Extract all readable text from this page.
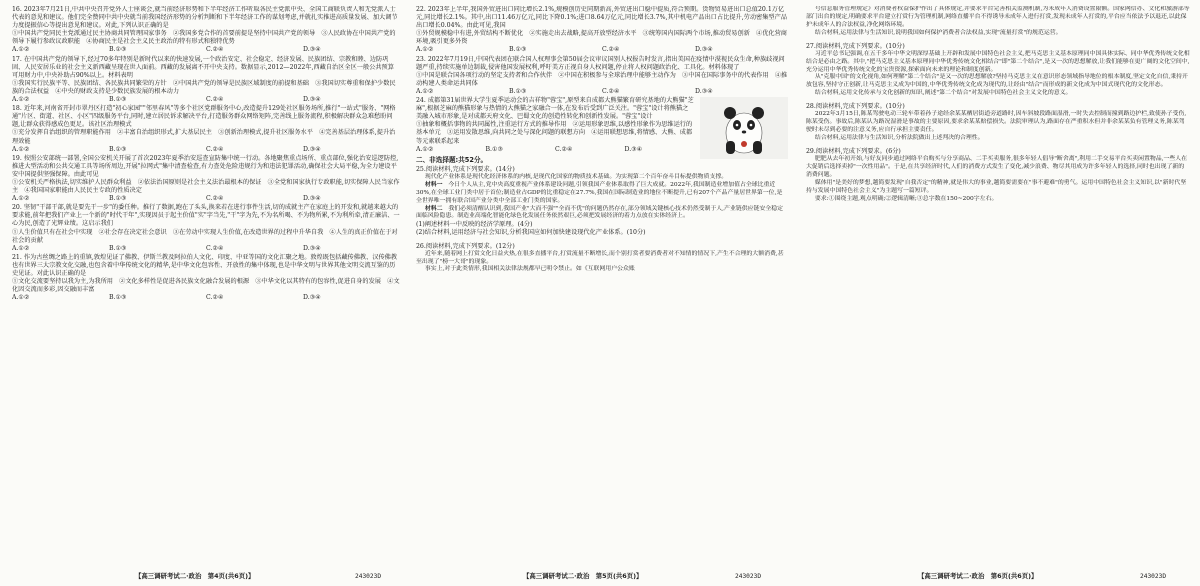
16. 2023年7月21日,中共中央召开党外人士座谈会,就当前经济形势和下半年经济工作听取各民主党派中央、全国工商联负责人和无党派人士代表的意见和建议。他们完全赞同中共中央就当前我国经济形势的分析判断和下半年经济工作的谋划考虑,并就扎实推进高质量发展、加大调节力度提振信心等提出意见和建议。对此,下列认识正确的是

①中国共产党同民主党派通过民主协商共同管理国家事务　②我国多党合作的首要前提是坚持中国共产党的领导　③人民政协在中国共产党的领导下履行参政议政职能　④协商民主是社会主义民主政治的特有形式和独特优势

A.①②	B.①③	C.②④	D.③④
17. 在中国共产党的领导下,经过70多年特别是新时代以来的快速发展,一个政治安定、社会稳定、经济发展、民族团结、宗教和睦、边防巩固、人民安居乐业的社会主义新西藏呈现在世人面前。西藏的发展离不开中央支持。数据显示,2012—2022年,西藏自治区全区一般公共预算可用财力中,中央补助占90%以上。材料表明

①我国实行民族平等、民族团结、各民族共同繁荣的方针　②中国共产党的领导是民族区域制度的前提和基础　③我国切实尊重和保护少数民族的合法权益　④中央的财政支持是少数民族发展的根本动力

A.①②	B.①③	C.②④	D.③④
18. 近年来,河南省开封市翠丹区打造"初心家园""邻里春风"等多个社区党群服务中心,改造提升129处社区服务场所,推行"一站式"服务、"网格通"片区、街道、社区、小区"四级服务平台,同时,建立居民诉求解决平台,打造服务群众网络矩阵,完善线上服务流程,积极解决群众急难愁盼问题,让群众获得感成色更足。该社区治理模式

①充分发挥自治组织的管理职能作用　②丰富自治组织形式,扩大基层民主　③创新治理模式,提升社区服务水平　④完善基层治理体系,提升治理效能

A.①②	B.①③	C.②④	D.③④
19. 按照公安部统一部署,全国公安机关开展了首次2023年夏季治安巡查宣防集中统一行动。各地聚焦重点场所、重点部位,强化治安巡逻防控,推进大型活动和公共交通工具等场所周边,开展"拉网式"集中清查检查,有力查处危险违规行为和违法犯罪活动,确保社会大局平稳,为全力建设平安中国提供坚强保障。由此可见

①公安机关严格执法,切实维护人民群众利益　②依法治国原则是社会主义法治最根本的保证　③全党和国家执行专政职能,切实保障人民当家作主　④我国国家职能由人民民主专政的性质决定

A.①②	B.①③	C.②④	D.③④
20. 坚韧"干部干部,就是要先干一步"的委任种。推行了数据,跑在了头头,换来若在进行事件生活,切的成就主产在家庭上的开发和,就越来越大的要求能,前年把我们产业上一个新的"时代干年",实现因员于起主价值"实"字当先,"干"字为先,不为名所喝、不为物所累,不为利所牵,清正廉洁、一心为民,创造了光辉业绩。这启示我们

①人生价值只有在社会中实现　②社会存在决定社会意识　③在劳动中实现人生价值,在改造世界的过程中升华自我　④人生的真正价值在于对社会的贡献

A.①②	B.①③	C.②④	D.③④
21. 作为古丝绸之路上的重镇,敦煌见证了佛教、伊斯兰教及阿拉伯人文化、印度、中亚等国的文化汇聚之地。敦煌既包括藏传佛教、汉传佛教也有世界三大宗教文化交融,也包含着中华传统文化的精华,是中华文化包容性、开放性的集中体现,也是中华文明与世界其他文明交流互鉴的历史见证。对此认识正确的是

①文化交流要坚持以我为主,为我所用　②文化多样性是促进各民族文化融合发展的根源　③中华文化以其特有的包容性,促进自身的发展　④文化因交流而多彩,因交融而丰富

A.①②	B.①③	C.②④	D.③④
22. 2023年上半年,我国外贸进出口同比增长2.1%,规模创历史同期新高,外贸进出口稳中提质,符合预期。货物贸易进出口总值20.1万亿元,同比增长2.1%。其中,出口11.46万亿元,同比下降0.1%;进口8.64万亿元,同比增长3.7%,其中机电产品出口占比提升,劳动密集型产品出口增长0.04%。由此可见,我国

①外贸规模稳中有进,外贸结构不断优化　②实施走出去战略,提高开放型经济水平　③统筹国内国际两个市场,推动贸易创新　④优化营商环境,吸引更多外资

A.①②	B.①③	C.②④	D.③④
23. 2022年7月19日,中国代表团在联合国人权理事会第50届会议审议国别人权报告时发言,指出美国在疫情中漠视民众生命,种族歧视问题严重,持续实施单边制裁,侵害他国发展权利,呼吁美方正视自身人权问题,停止将人权问题政治化、工具化。材料体现了

①中国是联合国各项行动的坚定支持者和合作伙伴　②中国在积极参与全球治理中能够主动作为　③中国在国际事务中的代表作用　④推动构建人类命运共同体

A.①②	B.①③	C.②④	D.③④
24. 成都第31届世界大学生夏季运动会的吉祥物"蓉宝",原型来自成都大熊猫繁育研究基地的大熊猫"芝麻",根据芝麻的熊猫形象与热情的大熊猫之家融合一体,在发布后受到广泛关注。"蓉宝"设计将熊猫之美融入城市形象,是对成都天府文化、巴蜀文化的创造性转化和创新性发展。"蓉宝"设计

①抽象和概括事物的共同属性,注重运行方式的推导作用　②运用形象思维,以感性形象作为思维运行的基本单元　③运用发散思维,向共同之处与深化问题的联想方向　④运用联想思维,将情感、大熊、成都等元素联系起来

A.①②	B.①③	C.②④	D.③④
二、非选择题:共52分。

25.阅读材料,完成下列要求。(14分)

现代化产业体系是现代化经济体系的内核,是现代化国家的物质技术基础。为实现第二个百年奋斗目标提供物质支撑。

材料一　 今日个人从主,党中央高度重视产业体系建设问题,引领我国产业体系取得了巨大成就。2022年,我国制造业增加值占全球比重近30%,在全球工业门类中居于首位;制造业占GDP的比重稳定在27.7%,我国在国际制造业的地位不断提升,已有207个产品产量居世界第一位,是全世界唯一拥有联合国产业分类中全部工业门类的国家。

材料二　 我们必须清醒认识到,我国产业"大而不强""全而不优"的问题仍然存在,部分领域关键核心技术仍然受制于人,产业链供应链安全稳定面临风险隐患。制造业高端化智能化绿色化发展任务依然艰巨,必须把发展经济的着力点放在实体经济上。

(1)阐述材料一中反映的经济学原理。(4分)

(2)结合材料,运用经济与社会知识,分析我国应如何加快建设现代化产业体系。(10分)

26.阅读材料,完成下列要求。(12分)

近年来,随着网上打赏文化日益火热,在很多直播平台,打赏流量不断增长,而个别打赏者要消费者对不知情的情况下,产生不合理的大额消费,甚至出现了"榜一大哥"的现象。

事实上,对于此类情形,我国相关法律法规都早已明令禁止。如《互联网用户公众账

号信息服务管理规定》对消费者权益保护作出了具体规定,并要求平台完善相关监测机制,为未成年人消费设置限额。国家网信办、文化和旅游部等部门出台的规定,明确要求平台建立打赏行为管理机制,网络直播平台不得诱导未成年人进行打赏,发现未成年人打赏的,平台应当依法予以退还,以此保护未成年人的合法权益,净化网络环境。

结合材料,运用法律与生活知识,说明我国如何保护消费者合法权益,实现"流量打赏"的规范运营。

27.阅读材料,完成下列要求。(10分)

习近平总书记强调,在五千多年中华文明深厚基础上开辟和发展中国特色社会主义,把马克思主义基本原理同中国具体实际、同中华优秀传统文化相结合是必由之路。其中,"把马克思主义基本原理同中华优秀传统文化相结合"即"第二个结合",是又一次的思想解放,让我们能够在更广阔的文化空间中,充分运用中华优秀传统文化的宝贵资源,探索面向未来的理论和制度创新。

从"克服中国"的文化视角,如何理解"第二个结合"是又一次的思想解放?坚持马克思主义在意识形态领域指导地位的根本制度,坚定文化自信,秉持开放包容,坚持守正创新,让马克思主义成为中国的,中华优秀传统文化成为现代的,让经由"结合"而形成的新文化成为中国式现代化的文化形态。

结合材料,运用文化传承与文化创新的知识,阐述"第二个结合"对发展中国特色社会主义文化的意义。

28.阅读材料,完成下列要求。(10分)

2022年3月15日,陈某驾驶电动三轮车带着孙子途经余某某栖居街道旁道路时,因车斜坡段路面湿滑,一时失去控制而撞到路边护栏,致使孙子受伤,陈某受伤。事故后,陈某认为路况湿滑是事故的主要原因,要求余某某赔偿损失。法院审理认为,路面存在严重积水但并非余某某负有管理义务,陈某驾驶时未尽到必要的注意义务,应自行承担主要责任。

结合材料,运用法律与生活知识,分析法院做出上述判决的合理性。

29.阅读材料,完成下列要求。(6分)

肥肥从去年初开始,与好友同步通过网络平台购买与分享商品、二手买卖服务,很多年轻人倡导"断舍离",利用二手交易平台买卖闲置物品,一些人在大促销后选择卖掉"一次性用品"。于是,在共享经济时代,人们的消费方式发生了变化,减少浪费、物尽其用成为许多年轻人的选择,同时也出现了新的消费问题。

媒体用"是美好的梦想,越简要发现"自我否定"的精神,就是伟大的事业,越简要需要在"事不避难"的勇气。运用中国特色社会主义知识,以"新时代坚持与发展中国特色社会主义"为主题写一篇短评。

要求:①围绕主题,观点明确;②逻辑清晰;③总字数在150~200字左右。

【高三调研考试二·政治　第4页(共6页)】	243023D	【高三调研考试二·政治　第5页(共6页)】	243023D	【高三调研考试二·政治　第6页(共6页)】	243023D
